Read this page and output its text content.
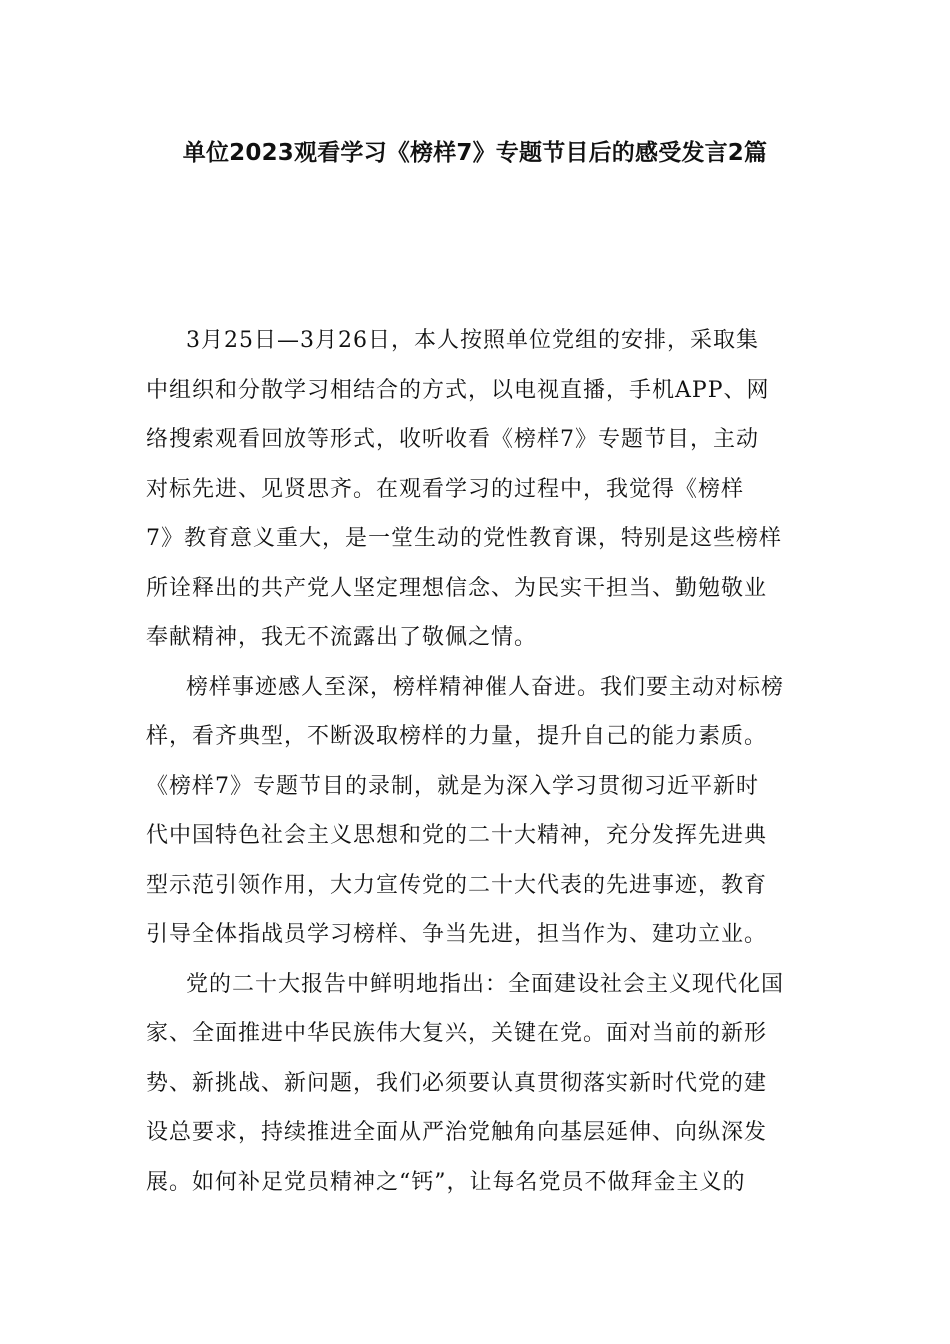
单位2023观看学习《榜样7》专题节目后的感受发言2篇
3月25日—3月26日，本人按照单位党组的安排，采取集
中组织和分散学习相结合的方式，以电视直播，手机APP、网
络搜索观看回放等形式，收听收看《榜样7》专题节目，主动
对标先进、见贤思齐。在观看学习的过程中，我觉得《榜样
7》教育意义重大，是一堂生动的党性教育课，特别是这些榜样
所诠释出的共产党人坚定理想信念、为民实干担当、勤勉敬业
奉献精神，我无不流露出了敬佩之情。
榜样事迹感人至深，榜样精神催人奋进。我们要主动对标榜
样，看齐典型，不断汲取榜样的力量，提升自己的能力素质。
《榜样7》专题节目的录制，就是为深入学习贯彻习近平新时
代中国特色社会主义思想和党的二十大精神，充分发挥先进典
型示范引领作用，大力宣传党的二十大代表的先进事迹，教育
引导全体指战员学习榜样、争当先进，担当作为、建功立业。
党的二十大报告中鲜明地指出：全面建设社会主义现代化国
家、全面推进中华民族伟大复兴，关键在党。面对当前的新形
势、新挑战、新问题，我们必须要认真贯彻落实新时代党的建
设总要求，持续推进全面从严治党触角向基层延伸、向纵深发
展。如何补足党员精神之“钙”，让每名党员不做拜金主义的
